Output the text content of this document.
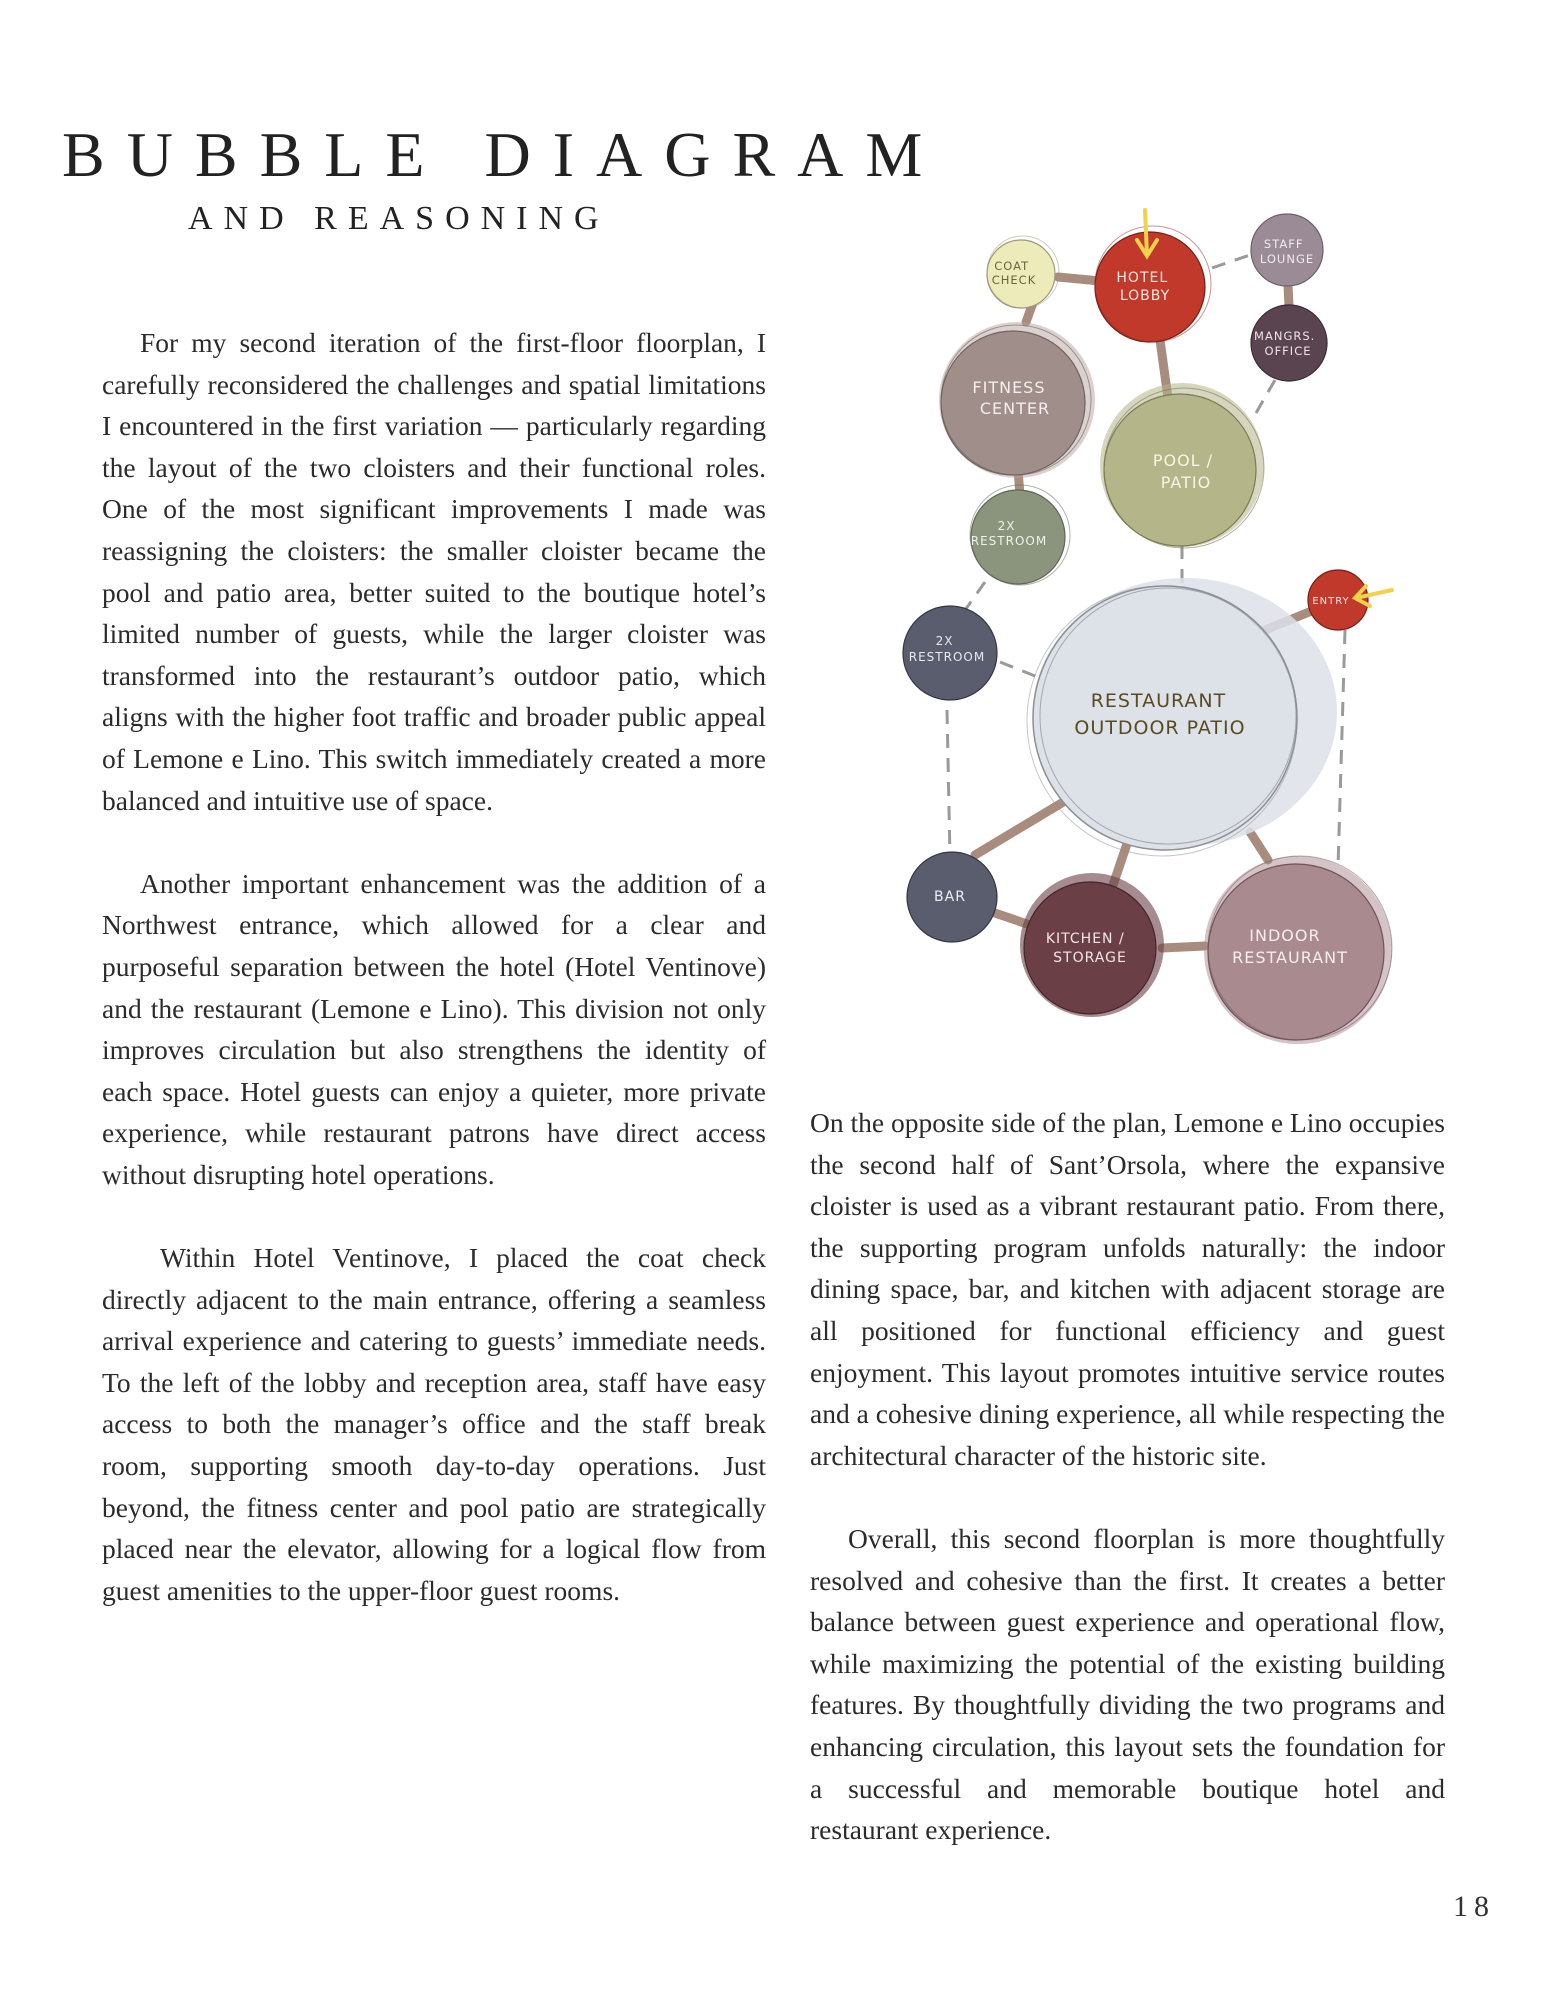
BUBBLE DIAGRAM
AND REASONING
RESTAURANT OUTDOOR PATIO
FITNESS CENTER
POOL / PATIO
COAT CHECK	HOTEL LOBBY
STAFF LOUNGE
MANGRS. OFFICE
2X RESTROOM
2X RESTROOM
ENTRY
BAR
KITCHEN / STORAGE
INDOOR RESTAURANT

For my second iteration of the first-floor floorplan, I carefully reconsidered the challenges and spatial limitations I encountered in the first variation — particularly regarding the layout of the two cloisters and their functional roles. One of the most significant improvements I made was reassigning the cloisters: the smaller cloister became the pool and patio area, better suited to the boutique hotel’s limited number of guests, while the larger cloister was transformed into the restaurant’s outdoor patio, which aligns with the higher foot traffic and broader public appeal of Lemone e Lino. This switch immediately created a more balanced and intuitive use of space.

Another important enhancement was the addition of a Northwest entrance, which allowed for a clear and purposeful separation between the hotel (Hotel Ventinove) and the restaurant (Lemone e Lino). This division not only improves circulation but also strengthens the identity of each space. Hotel guests can enjoy a quieter, more private experience, while restaurant patrons have direct access without disrupting hotel operations.

Within Hotel Ventinove, I placed the coat check directly adjacent to the main entrance, offering a seamless arrival experience and catering to guests’ immediate needs. To the left of the lobby and reception area, staff have easy access to both the manager’s office and the staff break room, supporting smooth day-to-day operations. Just beyond, the fitness center and pool patio are strategically placed near the elevator, allowing for a logical flow from guest amenities to the upper-floor guest rooms.

On the opposite side of the plan, Lemone e Lino occupies the second half of Sant’Orsola, where the expansive cloister is used as a vibrant restaurant patio. From there, the supporting program unfolds naturally: the indoor dining space, bar, and kitchen with adjacent storage are all positioned for functional efficiency and guest enjoyment. This layout promotes intuitive service routes and a cohesive dining experience, all while respecting the architectural character of the historic site.

Overall, this second floorplan is more thoughtfully resolved and cohesive than the first. It creates a better balance between guest experience and operational flow, while maximizing the potential of the existing building features. By thoughtfully dividing the two programs and enhancing circulation, this layout sets the foundation for a successful and memorable boutique hotel and restaurant experience.

18
